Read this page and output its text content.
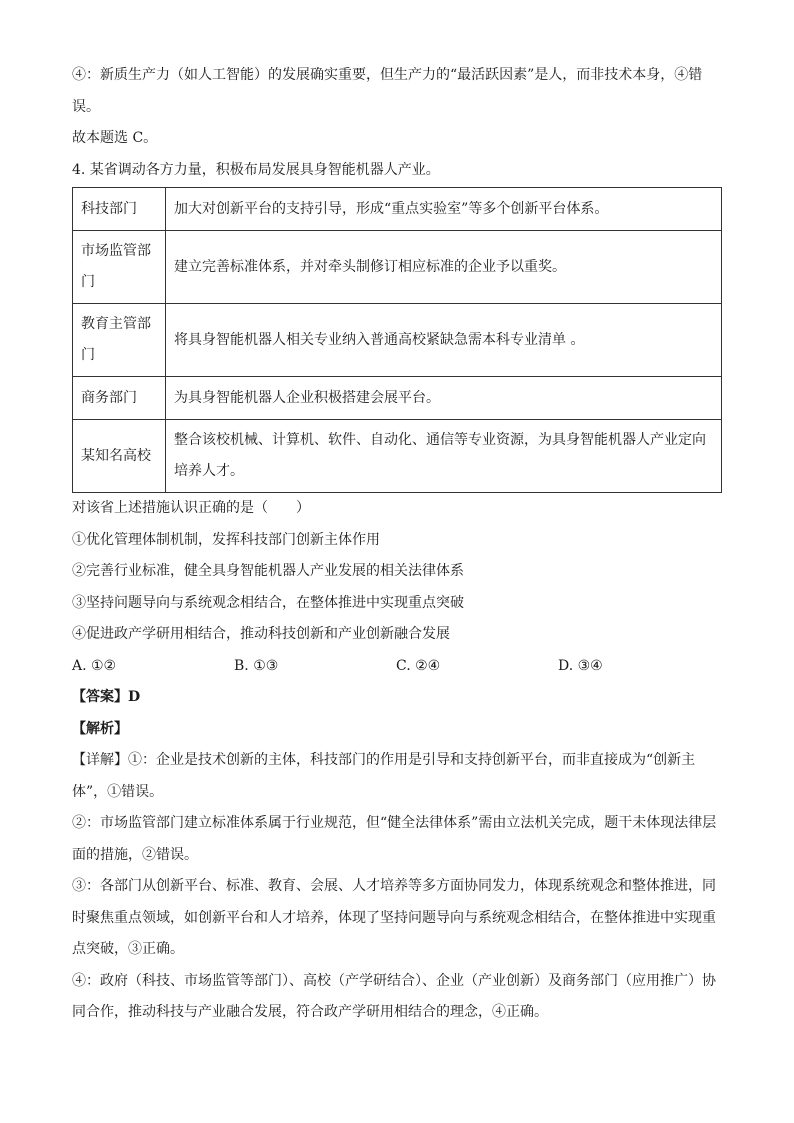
④：新质生产力（如人工智能）的发展确实重要，但生产力的“最活跃因素”是人，而非技术本身，④错误。

故本题选 C。

4. 某省调动各方力量，积极布局发展具身智能机器人产业。

科技部门	加大对创新平台的支持引导，形成“重点实验室”等多个创新平台体系。
市场监管部门	建立完善标准体系，并对牵头制修订相应标准的企业予以重奖。
教育主管部门	将具身智能机器人相关专业纳入普通高校紧缺急需本科专业清单 。
商务部门	为具身智能机器人企业积极搭建会展平台。
某知名高校	整合该校机械、计算机、软件、自动化、通信等专业资源，为具身智能机器人产业定向培养人才。

对该省上述措施认识正确的是（　　）

①优化管理体制机制，发挥科技部门创新主体作用

②完善行业标准，健全具身智能机器人产业发展的相关法律体系

③坚持问题导向与系统观念相结合，在整体推进中实现重点突破

④促进政产学研用相结合，推动科技创新和产业创新融合发展

A. ①②	B. ①③	C. ②④	D. ③④

【答案】D

【解析】

【详解】①：企业是技术创新的主体，科技部门的作用是引导和支持创新平台，而非直接成为“创新主体”，①错误。

②：市场监管部门建立标准体系属于行业规范，但“健全法律体系”需由立法机关完成，题干未体现法律层面的措施，②错误。

③：各部门从创新平台、标准、教育、会展、人才培养等多方面协同发力，体现系统观念和整体推进，同时聚焦重点领域，如创新平台和人才培养，体现了坚持问题导向与系统观念相结合，在整体推进中实现重点突破，③正确。

④：政府（科技、市场监管等部门）、高校（产学研结合）、企业（产业创新）及商务部门（应用推广）协同合作，推动科技与产业融合发展，符合政产学研用相结合的理念，④正确。
